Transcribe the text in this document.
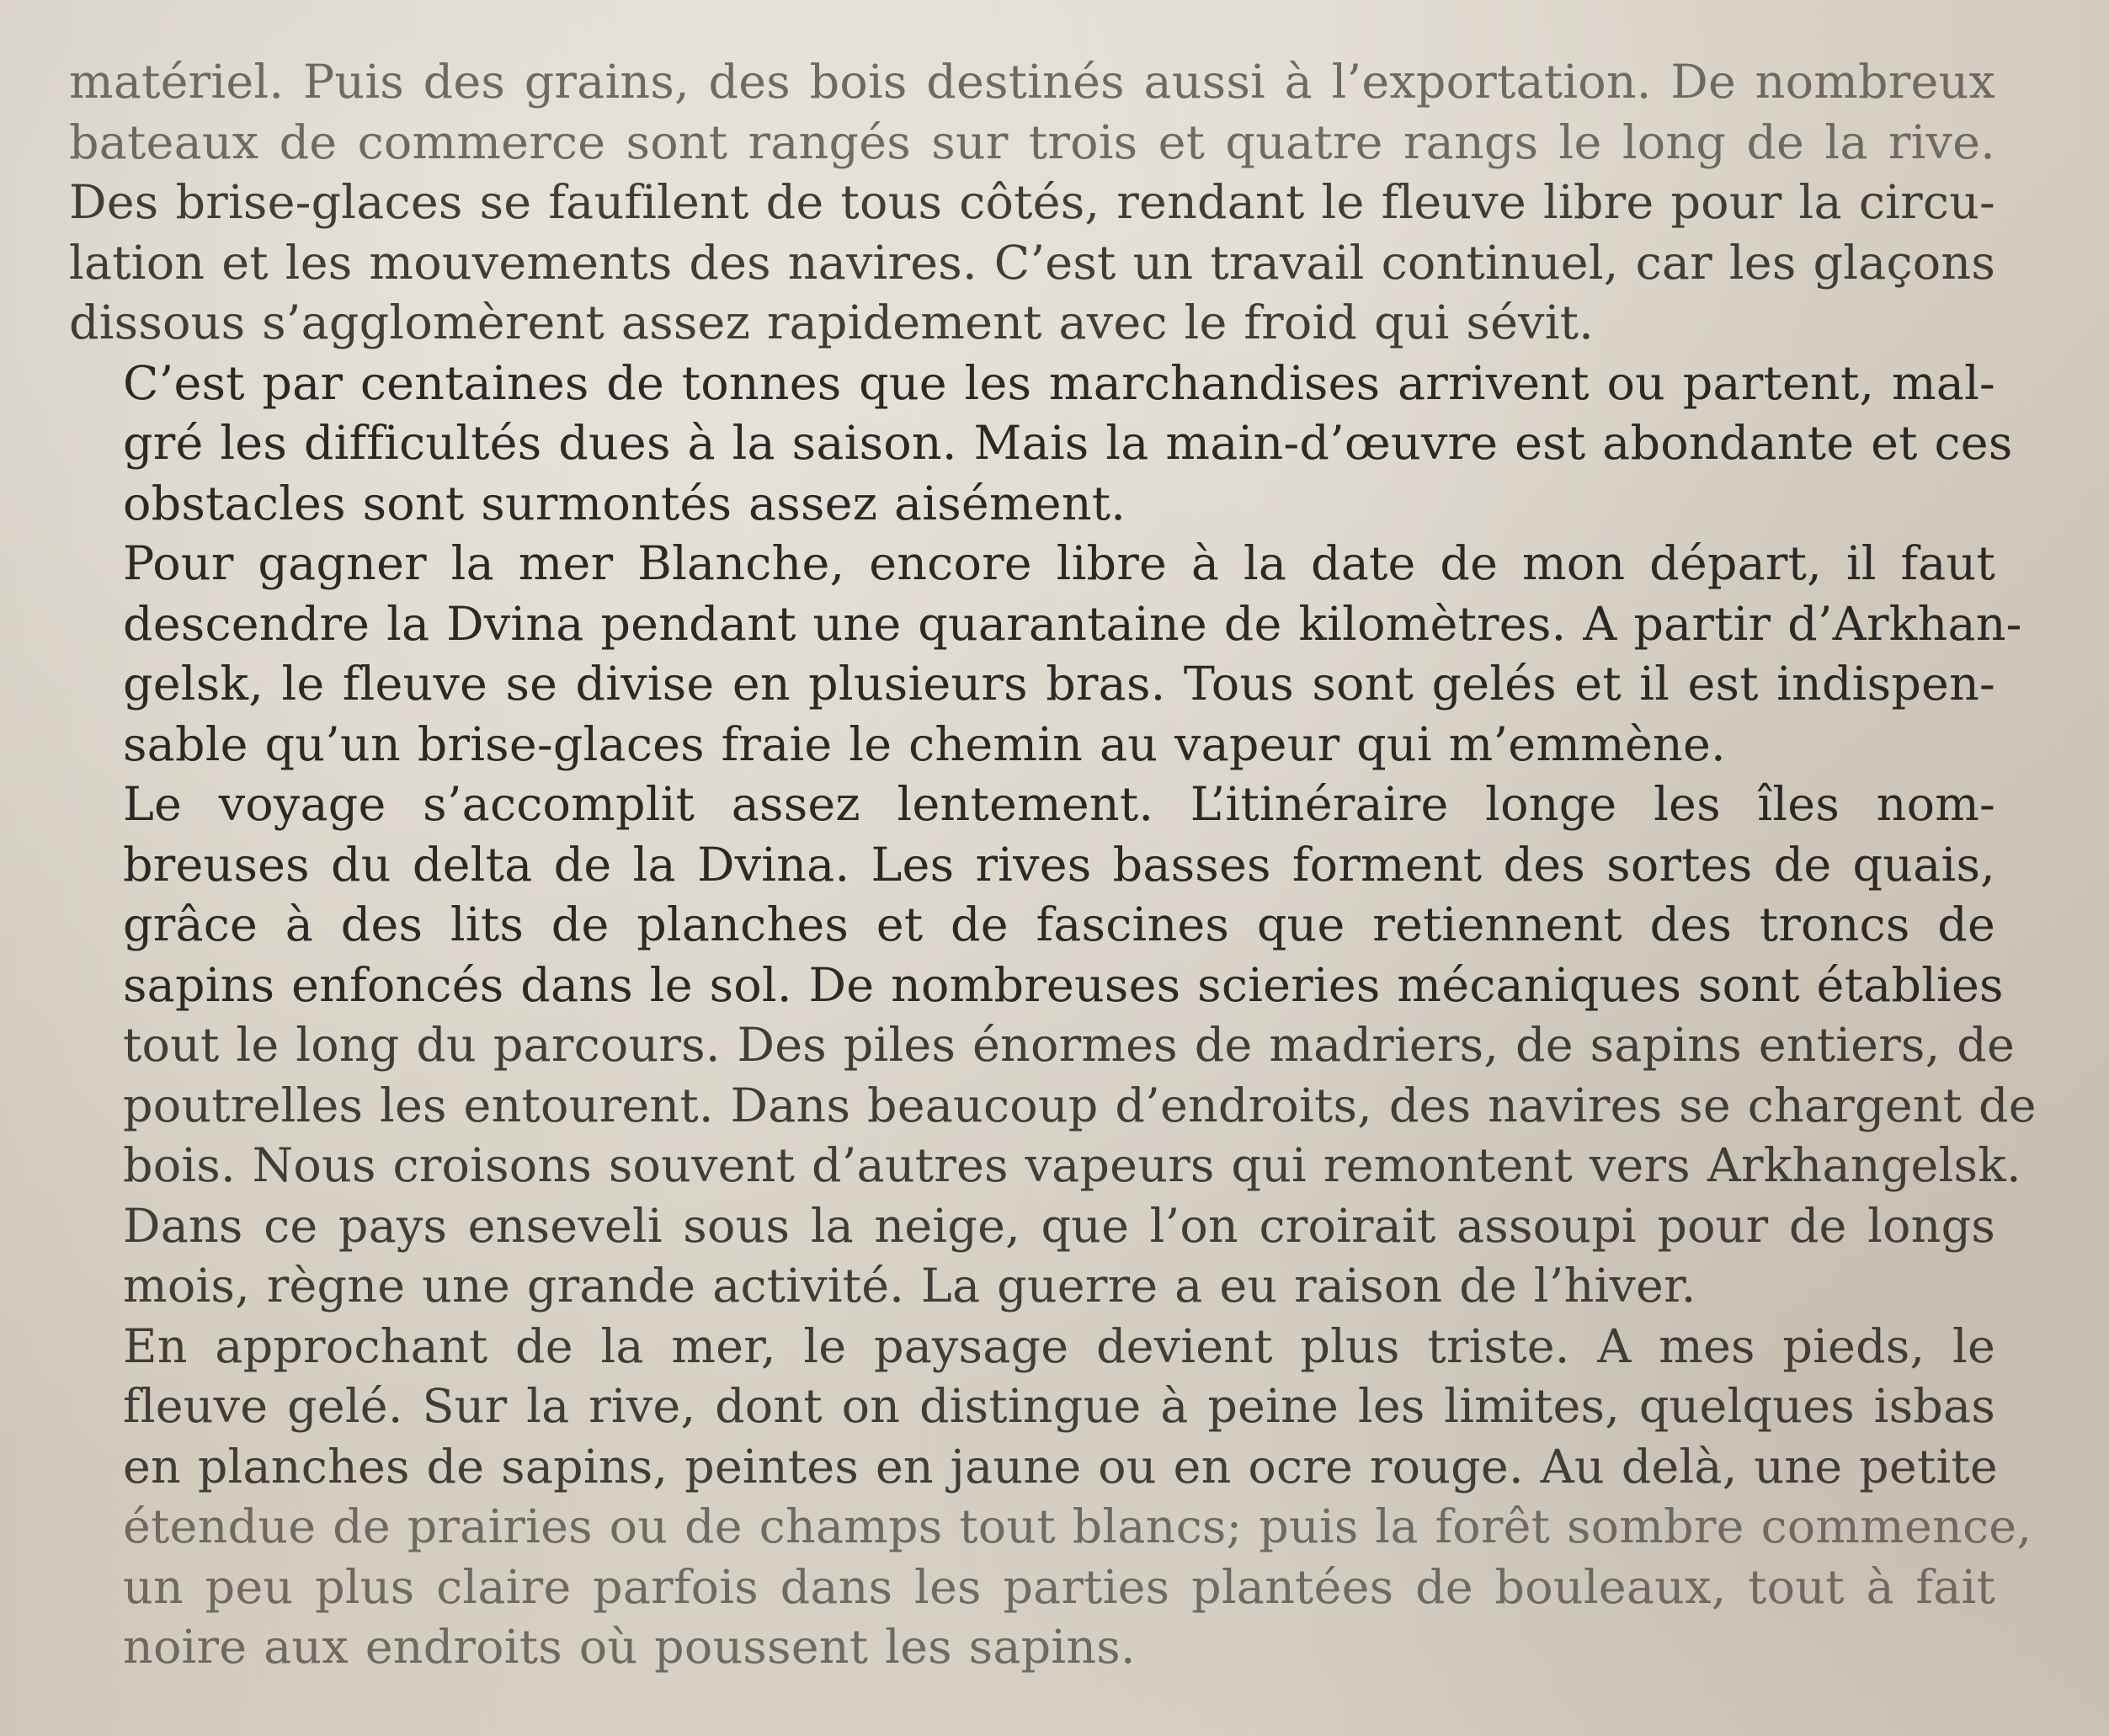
matériel. Puis des grains, des bois destinés aussi à l’exportation. De nombreux
bateaux de commerce sont rangés sur trois et quatre rangs le long de la rive.
Des brise-glaces se faufilent de tous côtés, rendant le fleuve libre pour la circu-
lation et les mouvements des navires. C’est un travail continuel, car les glaçons
dissous s’agglomèrent assez rapidement avec le froid qui sévit.

C’est par centaines de tonnes que les marchandises arrivent ou partent, mal-
gré les difficultés dues à la saison. Mais la main-d’œuvre est abondante et ces
obstacles sont surmontés assez aisément.

Pour gagner la mer Blanche, encore libre à la date de mon départ, il faut
descendre la Dvina pendant une quarantaine de kilomètres. A partir d’Arkhan-
gelsk, le fleuve se divise en plusieurs bras. Tous sont gelés et il est indispen-
sable qu’un brise-glaces fraie le chemin au vapeur qui m’emmène.

Le voyage s’accomplit assez lentement. L’itinéraire longe les îles nom-
breuses du delta de la Dvina. Les rives basses forment des sortes de quais,
grâce à des lits de planches et de fascines que retiennent des troncs de
sapins enfoncés dans le sol. De nombreuses scieries mécaniques sont établies
tout le long du parcours. Des piles énormes de madriers, de sapins entiers, de
poutrelles les entourent. Dans beaucoup d’endroits, des navires se chargent de
bois. Nous croisons souvent d’autres vapeurs qui remontent vers Arkhangelsk.
Dans ce pays enseveli sous la neige, que l’on croirait assoupi pour de longs
mois, règne une grande activité. La guerre a eu raison de l’hiver.

En approchant de la mer, le paysage devient plus triste. A mes pieds, le
fleuve gelé. Sur la rive, dont on distingue à peine les limites, quelques isbas
en planches de sapins, peintes en jaune ou en ocre rouge. Au delà, une petite
étendue de prairies ou de champs tout blancs; puis la forêt sombre commence,
un peu plus claire parfois dans les parties plantées de bouleaux, tout à fait
noire aux endroits où poussent les sapins.
